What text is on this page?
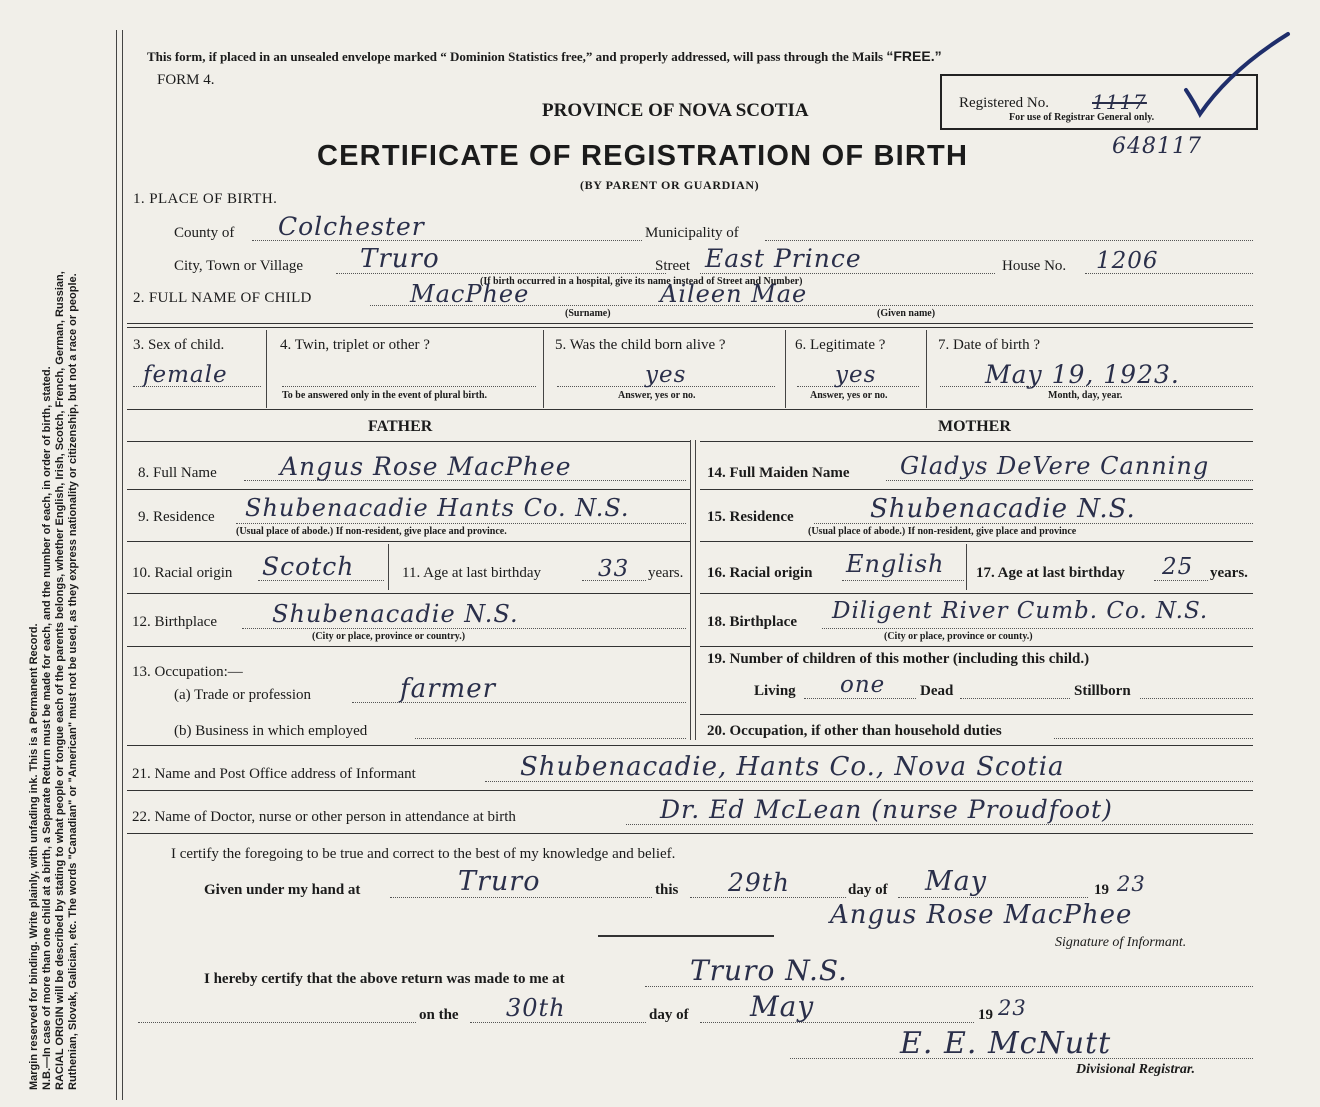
Margin reserved for binding. Write plainly, with unfading ink. This is a Permanent Record. N.B.—In case of more than one child at a birth, a Separate Return must be made for each, and the number of each, in order of birth, stated. RACIAL ORIGIN will be described by stating to what people or tongue each of the parents belongs, whether English, Irish, Scotch, French, German, Russian, Ruthenian, Slovak, Galician, etc. The words "Canadian" or "American" must not be used, as they express nationality or citizenship, but not a race or people.
This form, if placed in an unsealed envelope marked “ Dominion Statistics free,” and properly addressed, will pass through the Mails “FREE.”
FORM 4.
PROVINCE OF NOVA SCOTIA
CERTIFICATE OF REGISTRATION OF BIRTH
(BY PARENT OR GUARDIAN)
Registered No. 1117
For use of Registrar General only.
648117
1. PLACE OF BIRTH.
County of Colchester	Municipality of
City, Town or Village Truro	Street East Prince	House No. 1206
(If birth occurred in a hospital, give its name instead of Street and Number)
2. FULL NAME OF CHILD	MacPhee	Aileen Mae
(Surname)	(Given name)
3. Sex of child.
female
4. Twin, triplet or other ?
To be answered only in the event of plural birth.
5. Was the child born alive ?
yes
Answer, yes or no.
6. Legitimate ?
yes
Answer, yes or no.
7. Date of birth ?
May 19, 1923.
Month, day, year.
FATHER
8. Full Name	Angus Rose MacPhee
9. Residence Shubenacadie Hants Co. N.S.
(Usual place of abode.) If non-resident, give place and province.
10. Racial origin Scotch	11. Age at last birthday 33 years.
12. Birthplace Shubenacadie N.S.
(City or place, province or country.)
13. Occupation:—
(a) Trade or profession	farmer
(b) Business in which employed
MOTHER
14. Full Maiden Name Gladys DeVere Canning
15. Residence	Shubenacadie N.S.
(Usual place of abode.) If non-resident, give place and province
16. Racial origin English 17. Age at last birthday 25 years.
18. Birthplace Diligent River Cumb. Co. N.S.
(City or place, province or county.)
19. Number of children of this mother (including this child.)
Living one Dead	Stillborn
20. Occupation, if other than household duties
21. Name and Post Office address of Informant	Shubenacadie, Hants Co., Nova Scotia
22. Name of Doctor, nurse or other person in attendance at birth	Dr. Ed McLean (nurse Proudfoot)
I certify the foregoing to be true and correct to the best of my knowledge and belief.
Given under my hand at	Truro	this 29th	day of May	19 23
Angus Rose MacPhee
Signature of Informant.
I hereby certify that the above return was made to me at	Truro N.S.
on the 30th	day of May	19 23
E. E. McNutt
Divisional Registrar.
